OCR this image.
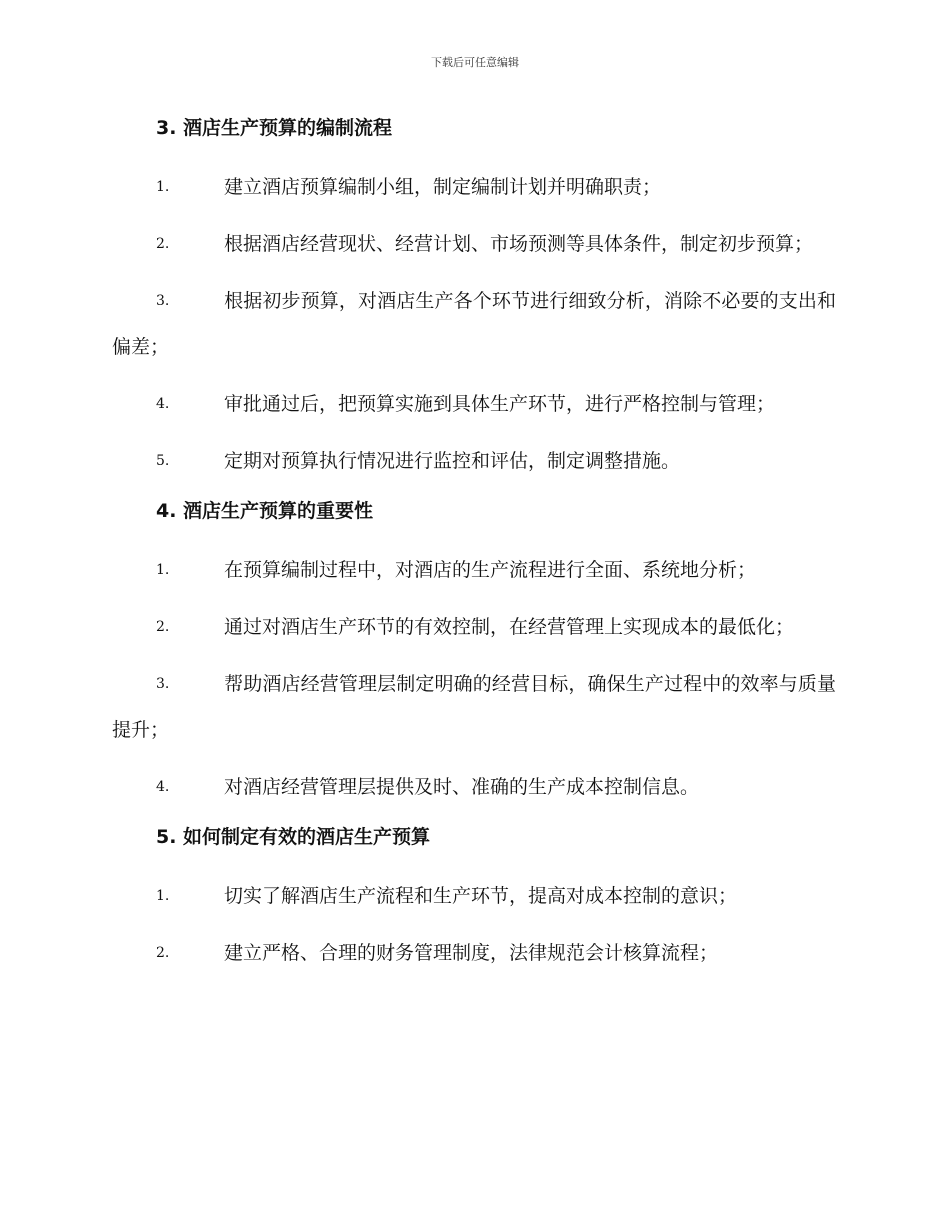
下载后可任意编辑
3. 酒店生产预算的编制流程
1.	建立酒店预算编制小组，制定编制计划并明确职责；
2.	根据酒店经营现状、经营计划、市场预测等具体条件，制定初步预算；
3.	根据初步预算，对酒店生产各个环节进行细致分析，消除不必要的支出和偏差；
4.	审批通过后，把预算实施到具体生产环节，进行严格控制与管理；
5.	定期对预算执行情况进行监控和评估，制定调整措施。
4. 酒店生产预算的重要性
1.	在预算编制过程中，对酒店的生产流程进行全面、系统地分析；
2.	通过对酒店生产环节的有效控制，在经营管理上实现成本的最低化；
3.	帮助酒店经营管理层制定明确的经营目标，确保生产过程中的效率与质量提升；
4.	对酒店经营管理层提供及时、准确的生产成本控制信息。
5. 如何制定有效的酒店生产预算
1.	切实了解酒店生产流程和生产环节，提高对成本控制的意识；
2.	建立严格、合理的财务管理制度，法律规范会计核算流程；
